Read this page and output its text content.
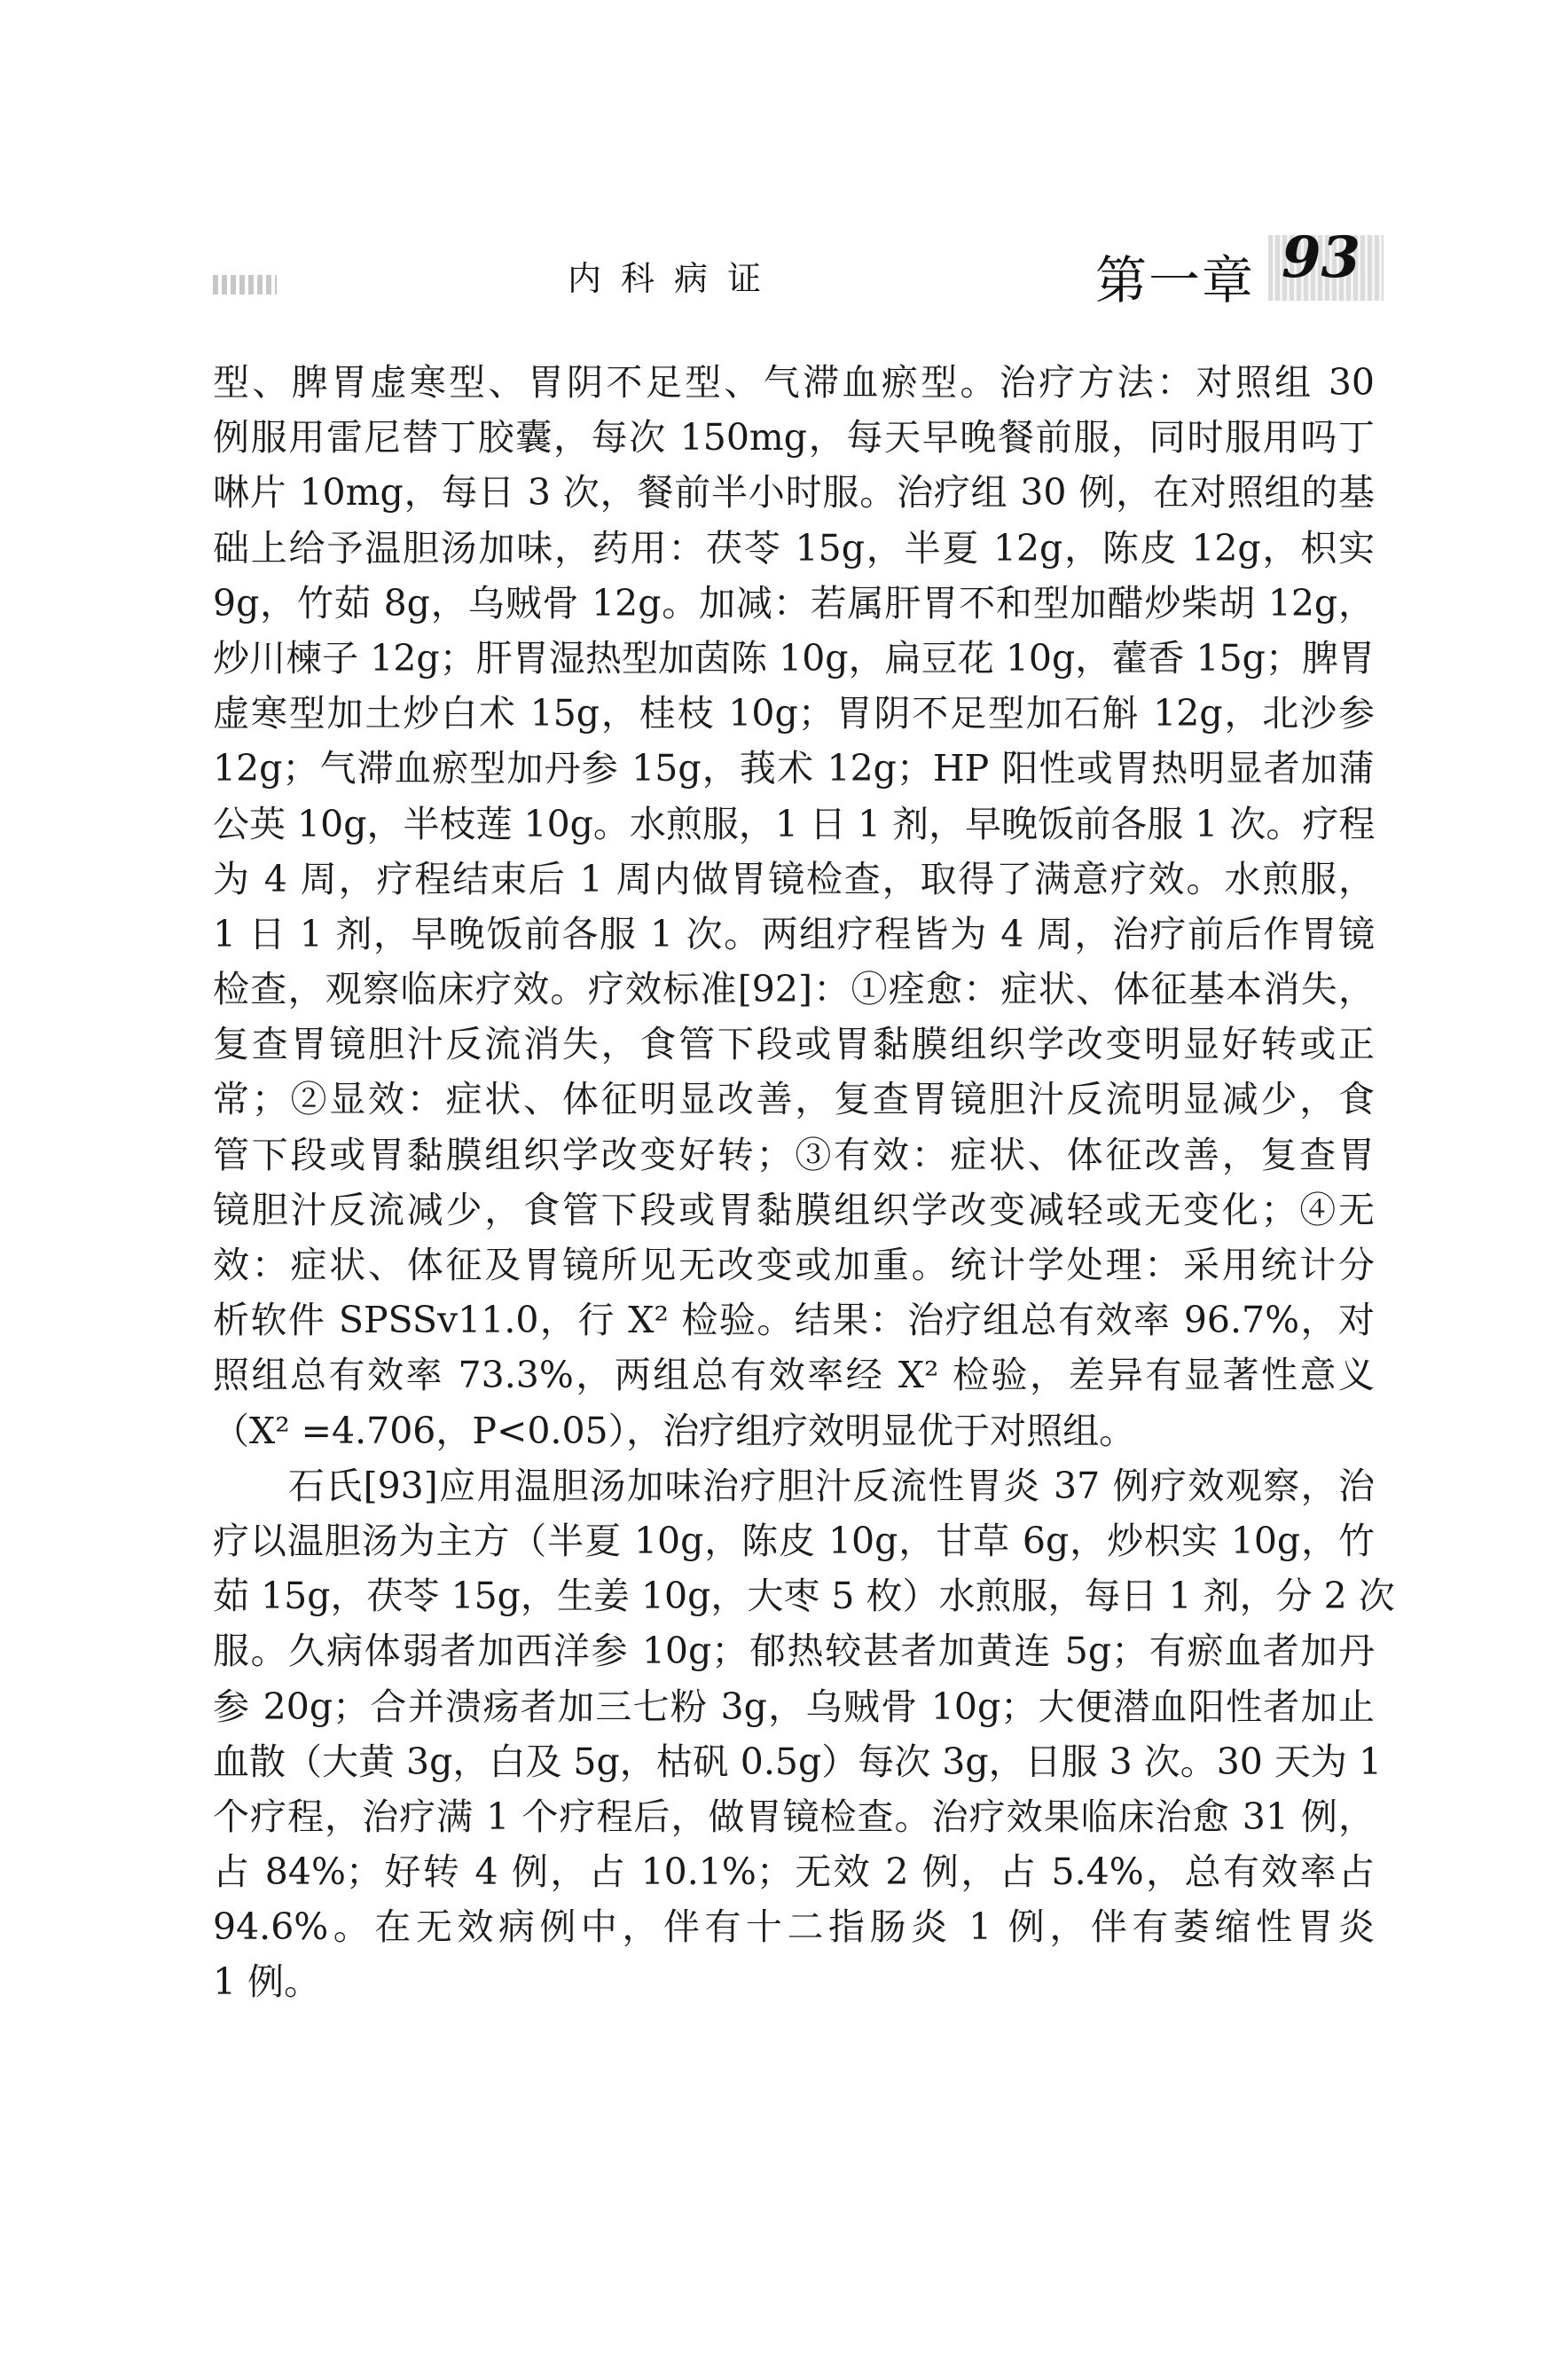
内科病证	第一章 93
型、脾胃虚寒型、胃阴不足型、气滞血瘀型。治疗方法：对照组 30
例服用雷尼替丁胶囊，每次 150mg，每天早晚餐前服，同时服用吗丁
啉片 10mg，每日 3 次，餐前半小时服。治疗组 30 例，在对照组的基
础上给予温胆汤加味，药用：茯苓 15g，半夏 12g，陈皮 12g，枳实
9g，竹茹 8g，乌贼骨 12g。加减：若属肝胃不和型加醋炒柴胡 12g，
炒川楝子 12g；肝胃湿热型加茵陈 10g，扁豆花 10g，藿香 15g；脾胃
虚寒型加土炒白术 15g，桂枝 10g；胃阴不足型加石斛 12g，北沙参
12g；气滞血瘀型加丹参 15g，莪术 12g；HP 阳性或胃热明显者加蒲
公英 10g，半枝莲 10g。水煎服，1 日 1 剂，早晚饭前各服 1 次。疗程
为 4 周，疗程结束后 1 周内做胃镜检查，取得了满意疗效。水煎服，
1 日 1 剂，早晚饭前各服 1 次。两组疗程皆为 4 周，治疗前后作胃镜
检查，观察临床疗效。疗效标准[92]：①痊愈：症状、体征基本消失，
复查胃镜胆汁反流消失，食管下段或胃黏膜组织学改变明显好转或正
常；②显效：症状、体征明显改善，复查胃镜胆汁反流明显减少，食
管下段或胃黏膜组织学改变好转；③有效：症状、体征改善，复查胃
镜胆汁反流减少，食管下段或胃黏膜组织学改变减轻或无变化；④无
效：症状、体征及胃镜所见无改变或加重。统计学处理：采用统计分
析软件 SPSSv11.0，行 X² 检验。结果：治疗组总有效率 96.7%，对
照组总有效率 73.3%，两组总有效率经 X² 检验，差异有显著性意义
（X² =4.706，P<0.05），治疗组疗效明显优于对照组。
　　石氏[93]应用温胆汤加味治疗胆汁反流性胃炎 37 例疗效观察，治
疗以温胆汤为主方（半夏 10g，陈皮 10g，甘草 6g，炒枳实 10g，竹
茹 15g，茯苓 15g，生姜 10g，大枣 5 枚）水煎服，每日 1 剂，分 2 次
服。久病体弱者加西洋参 10g；郁热较甚者加黄连 5g；有瘀血者加丹
参 20g；合并溃疡者加三七粉 3g，乌贼骨 10g；大便潜血阳性者加止
血散（大黄 3g，白及 5g，枯矾 0.5g）每次 3g，日服 3 次。30 天为 1
个疗程，治疗满 1 个疗程后，做胃镜检查。治疗效果临床治愈 31 例，
占 84%；好转 4 例，占 10.1%；无效 2 例，占 5.4%，总有效率占
94.6%。在无效病例中，伴有十二指肠炎 1 例，伴有萎缩性胃炎
1 例。
